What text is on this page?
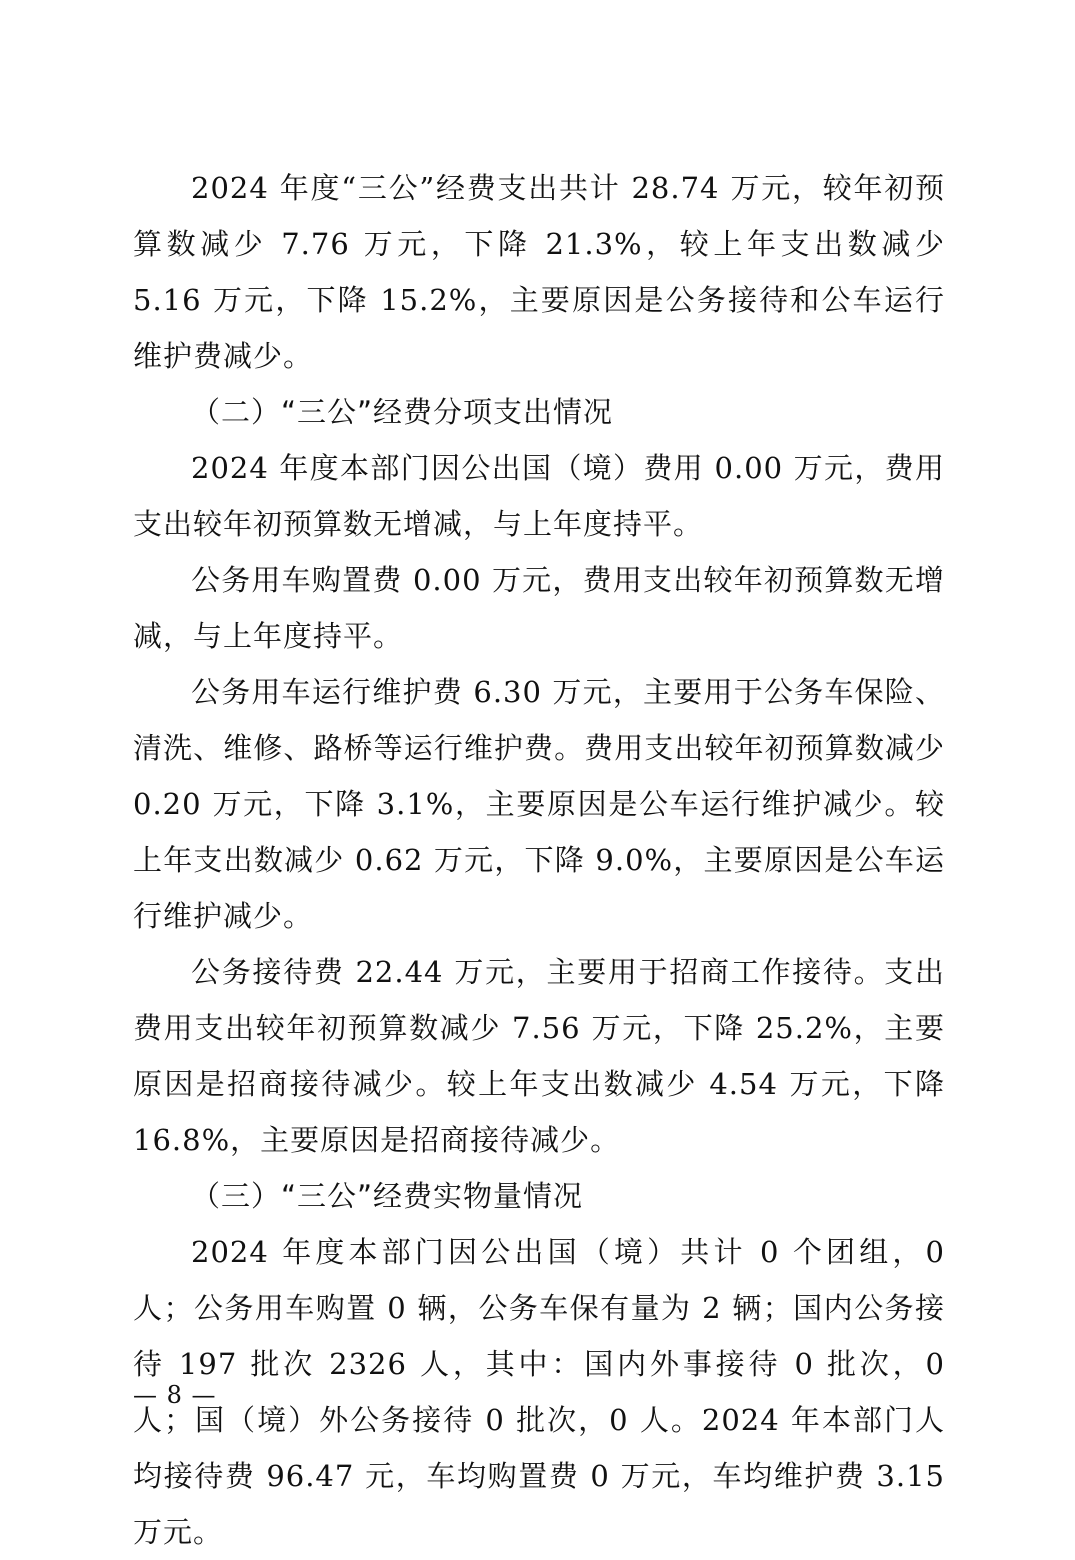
2024 年度“三公”经费支出共计 28.74 万元，较年初预算数减少 7.76 万元，下降 21.3%，较上年支出数减少 5.16 万元，下降 15.2%，主要原因是公务接待和公车运行维护费减少。

（二）“三公”经费分项支出情况

2024 年度本部门因公出国（境）费用 0.00 万元，费用支出较年初预算数无增减，与上年度持平。

公务用车购置费 0.00 万元，费用支出较年初预算数无增减，与上年度持平。

公务用车运行维护费 6.30 万元，主要用于公务车保险、清洗、维修、路桥等运行维护费。费用支出较年初预算数减少 0.20 万元，下降 3.1%，主要原因是公车运行维护减少。较上年支出数减少 0.62 万元，下降 9.0%，主要原因是公车运行维护减少。

公务接待费 22.44 万元，主要用于招商工作接待。支出费用支出较年初预算数减少 7.56 万元，下降 25.2%，主要原因是招商接待减少。较上年支出数减少 4.54 万元，下降 16.8%，主要原因是招商接待减少。

（三）“三公”经费实物量情况

2024 年度本部门因公出国（境）共计 0 个团组，0 人；公务用车购置 0 辆，公务车保有量为 2 辆；国内公务接待 197 批次 2326 人，其中：国内外事接待 0 批次，0 人；国（境）外公务接待 0 批次，0 人。2024 年本部门人均接待费 96.47 元，车均购置费 0 万元，车均维护费 3.15 万元。

— 8 —
